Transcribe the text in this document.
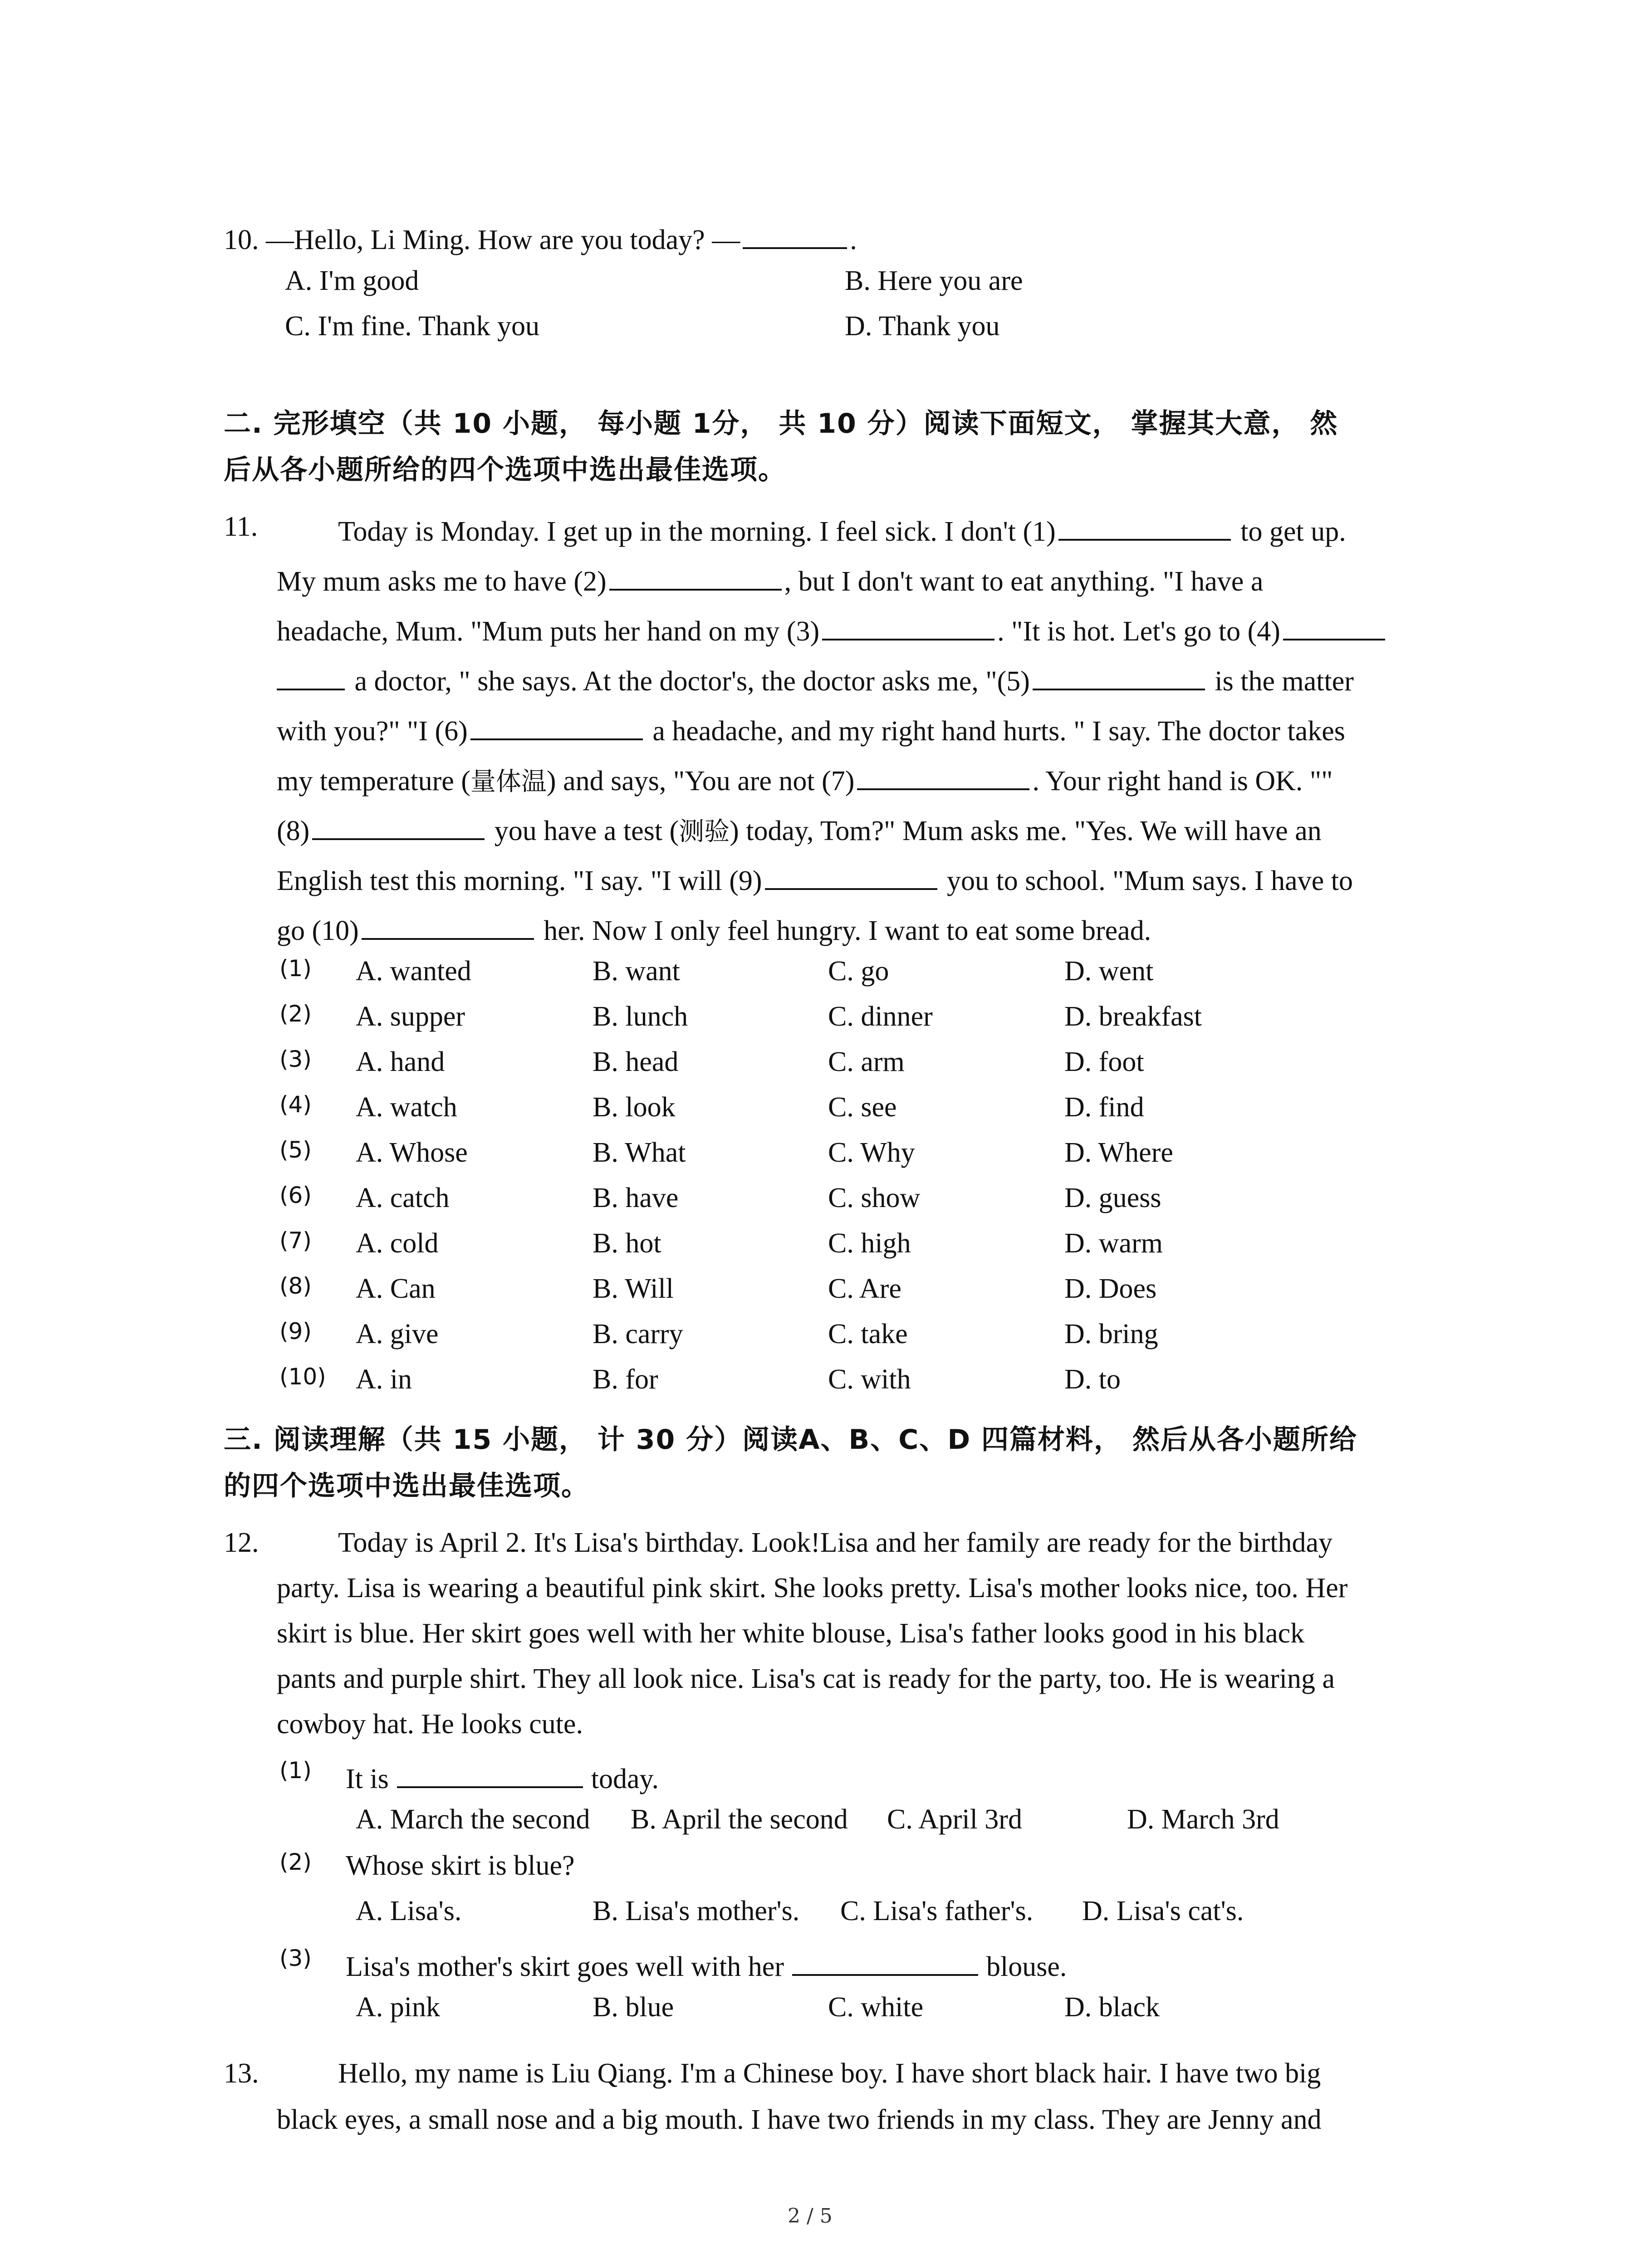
10. —Hello, Li Ming. How are you today? —	.
A. I'm good	B. Here you are
C. I'm fine. Thank you	D. Thank you
二. 完形填空（共 10 小题， 每小题 1分， 共 10 分）阅读下面短文， 掌握其大意， 然
后从各小题所给的四个选项中选出最佳选项。
11.	Today is Monday. I get up in the morning. I feel sick. I don't (1)	to get up.
My mum asks me to have (2)	, but I don't want to eat anything. "I have a
headache, Mum. "Mum puts her hand on my (3)	. "It is hot. Let's go to (4)
a doctor, " she says. At the doctor's, the doctor asks me, "(5)	is the matter
with you?" "I (6)	a headache, and my right hand hurts. " I say. The doctor takes
my temperature (量体温) and says, "You are not (7)	. Your right hand is OK. ""
(8)	you have a test (测验) today, Tom?" Mum asks me. "Yes. We will have an
English test this morning. "I say. "I will (9)	you to school. "Mum says. I have to
go (10)	her. Now I only feel hungry. I want to eat some bread.
(1) A. wanted	B. want	C. go	D. went
(2) A. supper	B. lunch	C. dinner	D. breakfast
(3) A. hand	B. head	C. arm	D. foot
(4) A. watch	B. look	C. see	D. find
(5) A. Whose	B. What	C. Why	D. Where
(6) A. catch	B. have	C. show	D. guess
(7) A. cold	B. hot	C. high	D. warm
(8) A. Can	B. Will	C. Are	D. Does
(9) A. give	B. carry	C. take	D. bring
(10) A. in	B. for	C. with	D. to
三. 阅读理解（共 15 小题， 计 30 分）阅读A、B、C、D 四篇材料， 然后从各小题所给
的四个选项中选出最佳选项。
12.	Today is April 2. It's Lisa's birthday. Look!Lisa and her family are ready for the birthday
party. Lisa is wearing a beautiful pink skirt. She looks pretty. Lisa's mother looks nice, too. Her
skirt is blue. Her skirt goes well with her white blouse, Lisa's father looks good in his black
pants and purple shirt. They all look nice. Lisa's cat is ready for the party, too. He is wearing a
cowboy hat. He looks cute.
(1) It is	today.
A. March the second B. April the second C. April 3rd	D. March 3rd
(2) Whose skirt is blue?
A. Lisa's.	B. Lisa's mother's. C. Lisa's father's. D. Lisa's cat's.
(3) Lisa's mother's skirt goes well with her	blouse.
A. pink	B. blue	C. white	D. black
13.	Hello, my name is Liu Qiang. I'm a Chinese boy. I have short black hair. I have two big
black eyes, a small nose and a big mouth. I have two friends in my class. They are Jenny and
2 / 5
